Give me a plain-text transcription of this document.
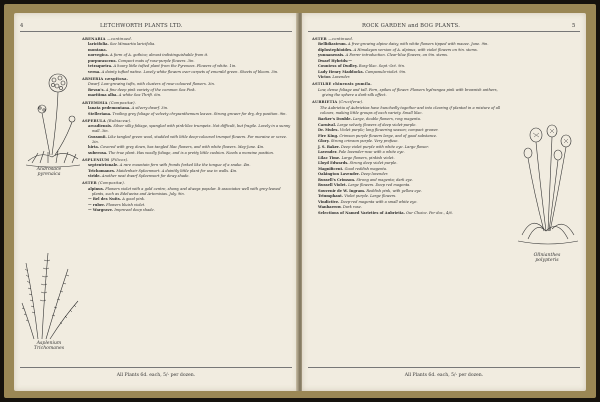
4	LETCHWORTH PLANTS LTD.
Androsace
pyrenaica
Asplenium
Trichomanes
ARENARIA —continued.
laricifolia. See Minuartia laricifolia.
montana.
norvegica. A form of A. gothica; almost indistinguishable from it.
purpurascens. Compact mats of rose-purple flowers. 3in.
tetraquetra. A hoary little tufted plant from the Pyrenees. Flowers of white. 1in.
verna. A dainty tufted native. Lovely white flowers over carpets of emerald green. Sheets of bloom. 3in.
ARMERIA cæspitosa.
Dwarf. Low-growing tufts, with clusters of rose-coloured flowers. 3in.
Bevan's. A fine deep pink variety of the common Sea Pink.
maritima alba. A white Sea Thrift. 6in.
ARTEMISIA (Compositæ).
lanata pedemontana. A silvery dwarf. 3in.
Stelleriana. Trailing grey foliage of velvety chrysanthemum leaves. Strong grower for dry, dry position. 9in.
ASPERULA (Rubiaceæ).
arcadiensis. Silver silky foliage, spangled with pink-lilac trumpets. Not difficult, but fragile. Lovely in a sunny wall. 3in.
Gussonii. Like tangled green wool, studded with little deep-coloured trumpet flowers. For moraine or scree. 2in.
hirta. Covered with grey down, has tangled lilac flowers, and with white flowers. May-June. 4in.
suberosa. The true plant. Has woolly foliage, and is a pretty little cushion. Needs a moraine position.
ASPLENIUM (Filices).
septentrionale. A rare mountain fern with fronds forked like the tongue of a snake. 4in.
Trichomanes. Maidenhair Spleenwort. A daintily little plant for use in walls. 4in.
viride. Another neat dwarf Spleenwort for dewy shade.
ASTER (Compositæ).
alpinus. Flowers violet with a gold centre, showy and always popular. It associates well with grey-leaved plants, such as Edelweiss and Artemisias. July. 9in.
— Bel des Nuits. A good pink.
— ruber. Flowers bluish violet.
— Wargrave. Improved deep shade.
All Plants 6d. each, 5/- per dozen.
ROCK GARDEN and BOG PLANTS.	5
ASTER —continued.
Bellidiastrum. A free-growing alpine daisy, with white flowers tipped with mauve. June. 9in.
diplostephioides. A Himalayan version of A. alpinus, with violet flowers on 9in. stems.
yunnanensis. A Farrer introduction. Clear-blue flowers, on 9in. stems.
Dwarf Hybrids:—
Countess of Dudley. Rosy-lilac. Sept.-Oct. 9in.
Lady Henry Maddocks. Campanula-violet. 9in.
Victor. Lavender.
ASTILBE chinensis pumila.
Low, dense foliage and tall. Fern, spikes of flower. Flowers hydrangea pink with brownish anthers, giving the sphere a dark-silk effect.
AUBRIETIA (Cruciferæ).
The Aubrietia of Aubrietias have hunchedly together and into clearing if planted in a mixture of all colours, making little groups of each variety. Small lilac.
Barker's Double. Large, double flowers, rosy magenta.
Carnival. Large velvety flowers of deep violet-purple.
Dr. Mules. Violet purple; long flowering season; compact grower.
Fire King. Crimson purple flowers large, and of good substance.
Glory. Strong crimson purple. Very profuse.
J. S. Baker. Deep violet purple with white eye. Large flower.
Lavender. Pale lavender-rose with a white eye.
Lilac Time. Large flowers, pinkish violet.
Lloyd Edwards. Strong deep violet purple.
Magnificent. Good reddish magenta.
Oakington Lavender. Deep lavender.
Russell's Crimson. Strong and magenta; dark eye.
Russell Violet. Large flowers. Deep red magenta.
Souvenir de W. Ingram. Reddish pink, with yellow eye.
Triumphant. Violet purple. Large flowers.
Vindictive. Deep-red magenta with a small white eye.
Wanbarrow. Dark rose.
Selections of Named Varieties of Aubrietia. Our Choice. Per doz., 4/6.
Ollnianthes
polypteris
All Plants 6d. each, 5/- per dozen.
